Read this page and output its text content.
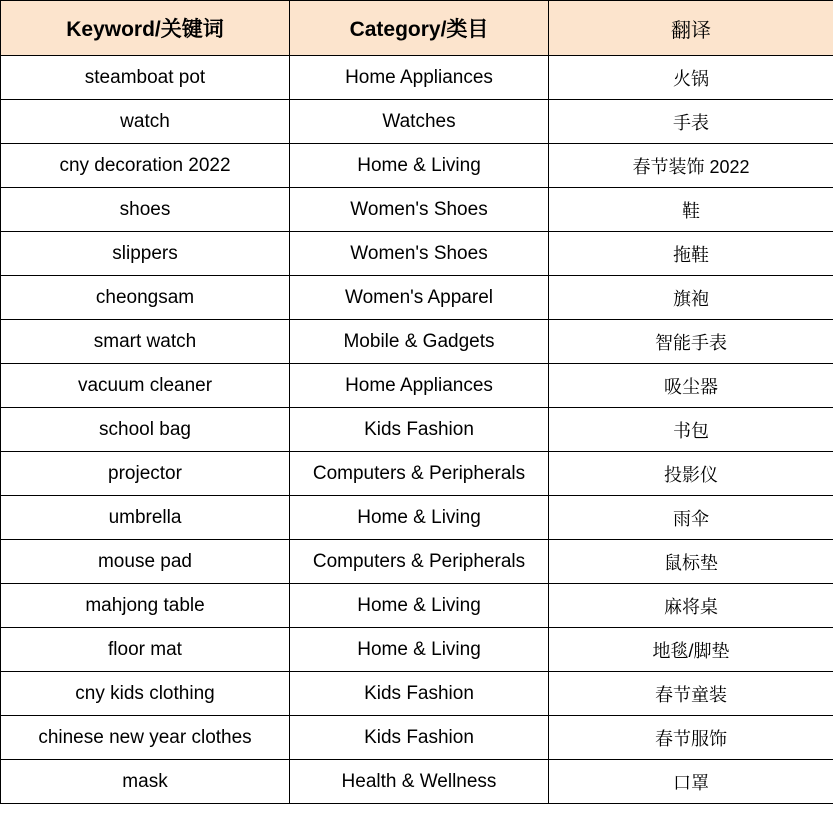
Keyword/关键词	Category/类目	翻译
steamboat pot	Home Appliances	火锅
watch	Watches	手表
cny decoration 2022	Home & Living	春节装饰 2022
shoes	Women's Shoes	鞋
slippers	Women's Shoes	拖鞋
cheongsam	Women's Apparel	旗袍
smart watch	Mobile & Gadgets	智能手表
vacuum cleaner	Home Appliances	吸尘器
school bag	Kids Fashion	书包
projector	Computers & Peripherals	投影仪
umbrella	Home & Living	雨伞
mouse pad	Computers & Peripherals	鼠标垫
mahjong table	Home & Living	麻将桌
floor mat	Home & Living	地毯/脚垫
cny kids clothing	Kids Fashion	春节童装
chinese new year clothes	Kids Fashion	春节服饰
mask	Health & Wellness	口罩
